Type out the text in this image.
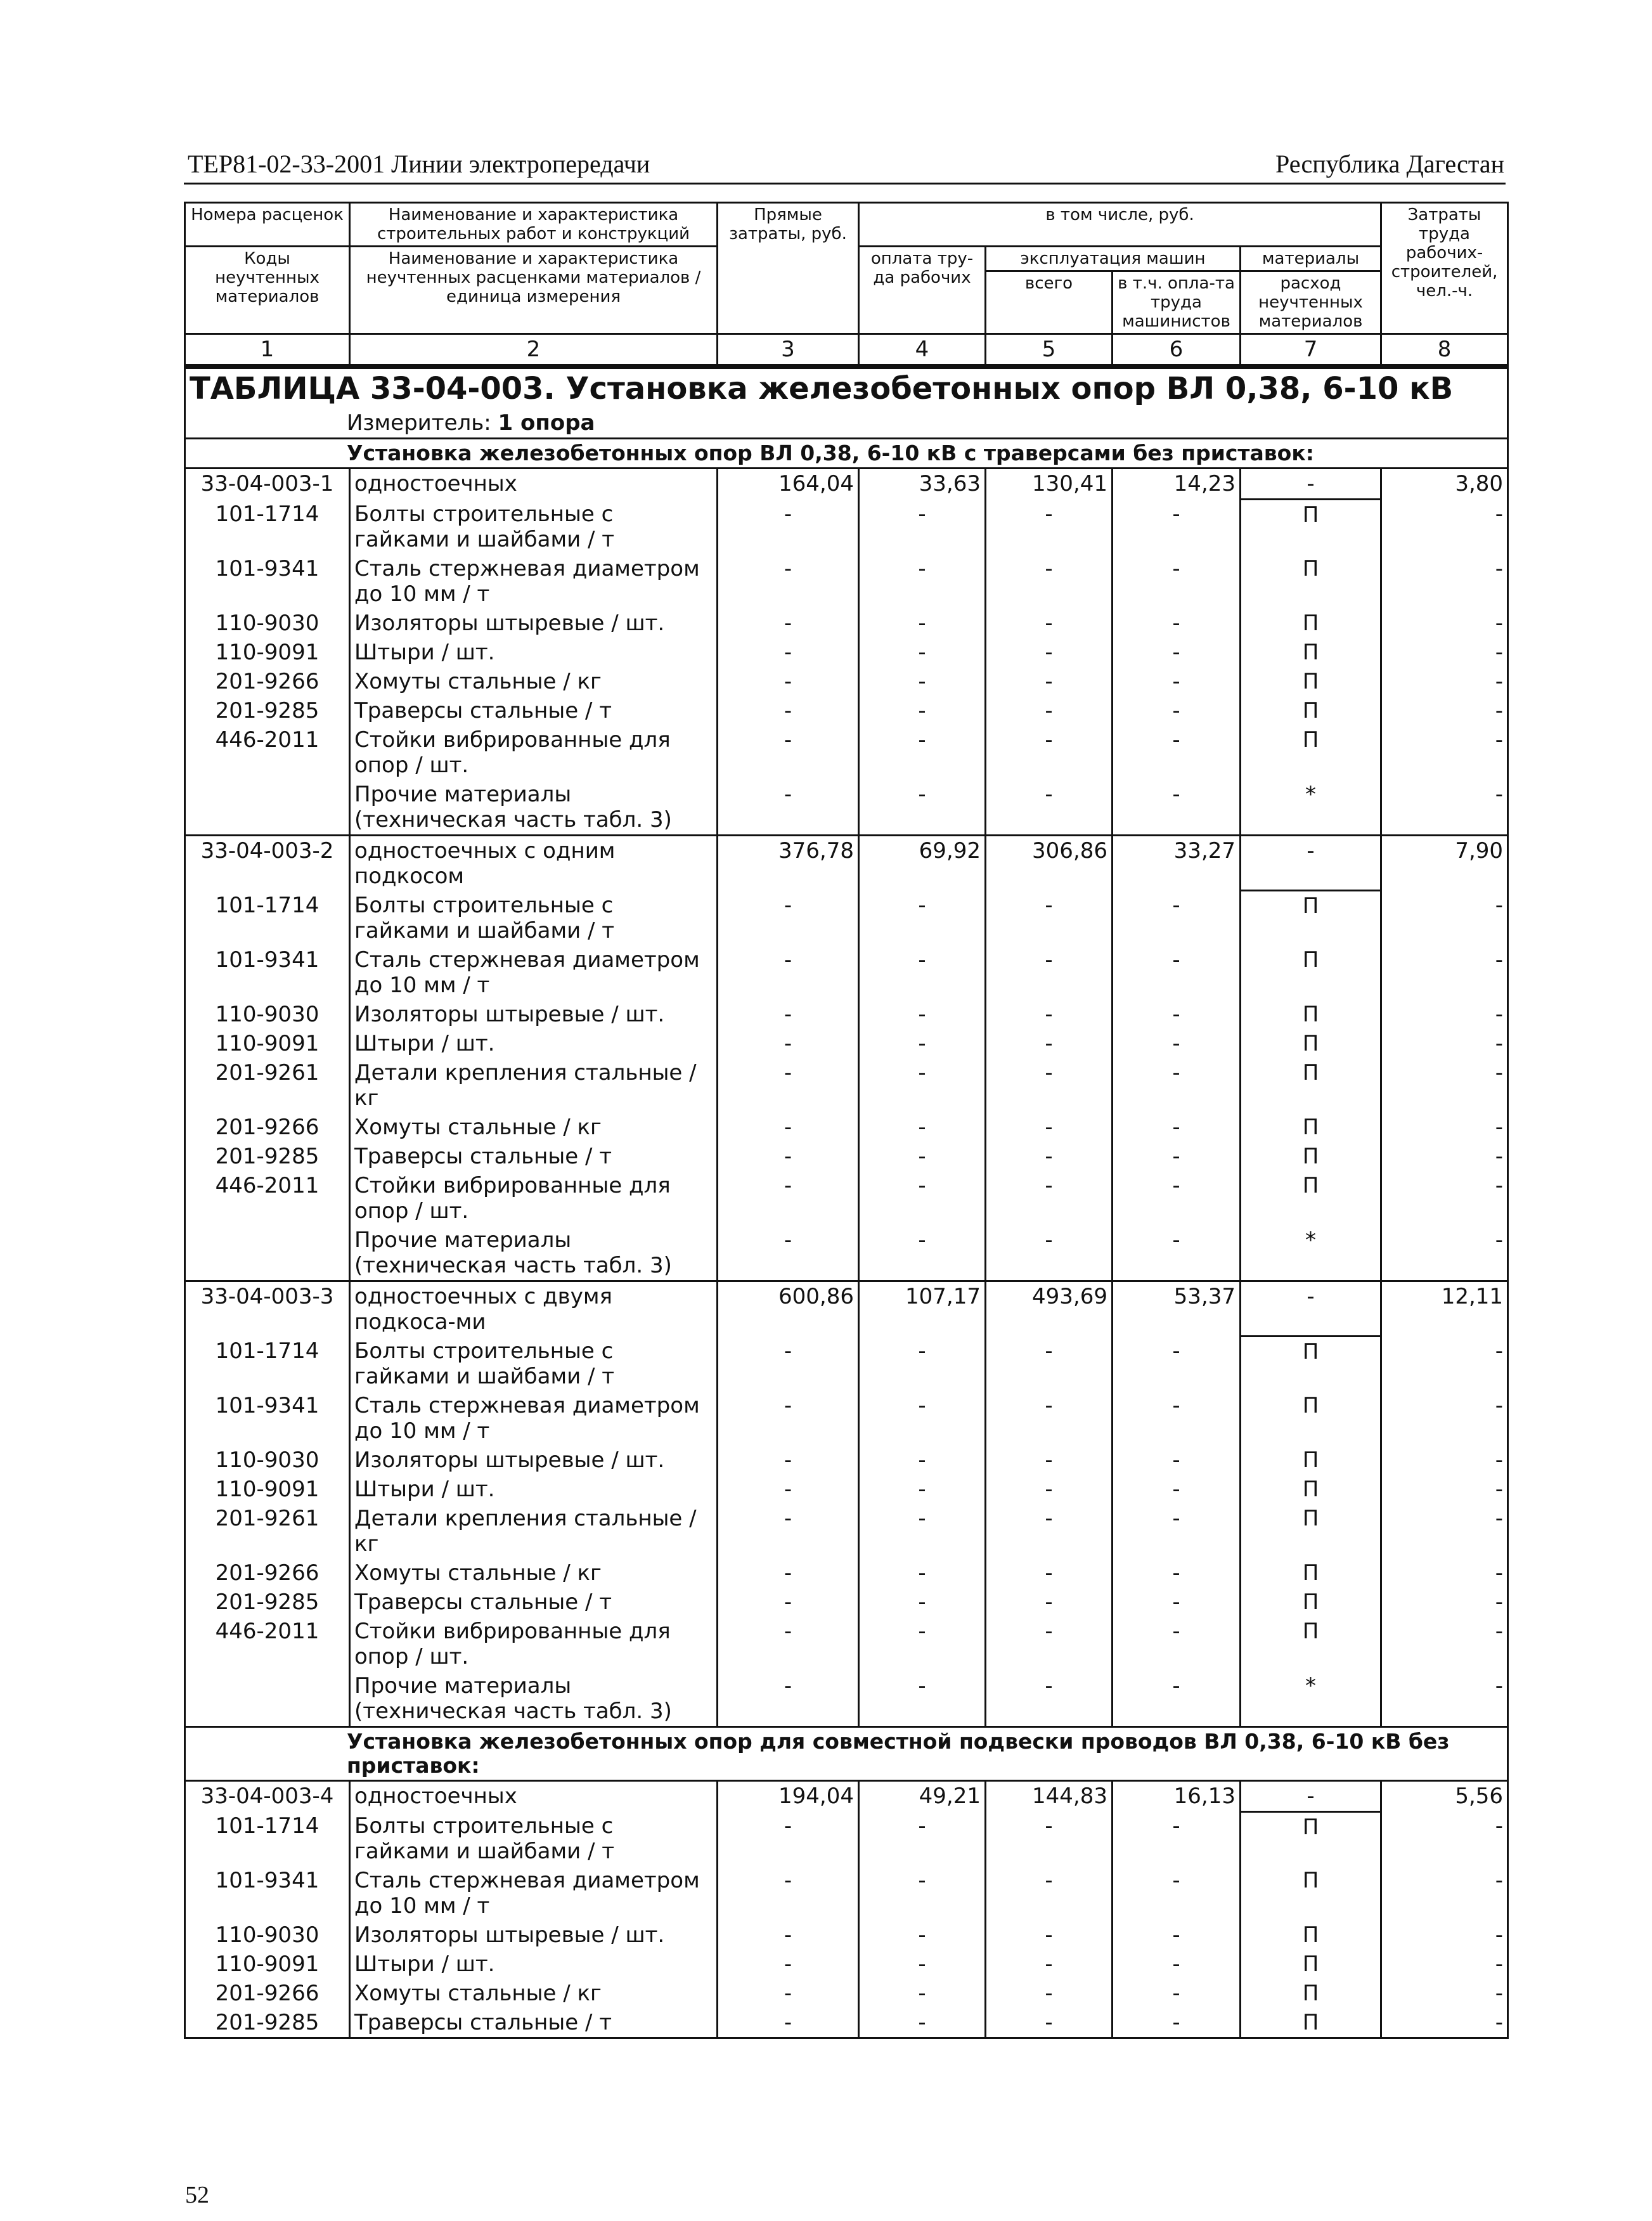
ТЕР81-02-33-2001 Линии электропередачи	Республика Дагестан
Номера расценок	Наименование и характеристика строительных работ и конструкций	Прямые затраты, руб.	в том числе, руб.				Затраты труда рабочих-строителей, чел.-ч.
Коды неучтенных материалов	Наименование и характеристика неучтенных расценками материалов / единица измерения		оплата тру-да рабочих	эксплуатация машин		материалы	
				всего	в т.ч. опла-та труда машинистов	расход неучтенных материалов	
1	2	3	4	5	6	7	8
ТАБЛИЦА 33-04-003. Установка железобетонных опор ВЛ 0,38, 6-10 кВ							

Измеритель: 1 опора							

Установка железобетонных опор ВЛ 0,38, 6-10 кВ с траверсами без приставок:							

33-04-003-1	одностоечных	164,04	33,63	130,41	14,23	-	3,80
101-1714	Болты строительные с гайками и шайбами / т	-	-	-	-	П	-
101-9341	Сталь стержневая диаметром до 10 мм / т	-	-	-	-	П	-
110-9030	Изоляторы штыревые / шт.	-	-	-	-	П	-
110-9091	Штыри / шт.	-	-	-	-	П	-
201-9266	Хомуты стальные / кг	-	-	-	-	П	-
201-9285	Траверсы стальные / т	-	-	-	-	П	-
446-2011	Стойки вибрированные для опор / шт.	-	-	-	-	П	-
	Прочие материалы (техническая часть табл. 3)	-	-	-	-	*	-
33-04-003-2	одностоечных с одним подкосом	376,78	69,92	306,86	33,27	-	7,90
101-1714	Болты строительные с гайками и шайбами / т	-	-	-	-	П	-
101-9341	Сталь стержневая диаметром до 10 мм / т	-	-	-	-	П	-
110-9030	Изоляторы штыревые / шт.	-	-	-	-	П	-
110-9091	Штыри / шт.	-	-	-	-	П	-
201-9261	Детали крепления стальные / кг	-	-	-	-	П	-
201-9266	Хомуты стальные / кг	-	-	-	-	П	-
201-9285	Траверсы стальные / т	-	-	-	-	П	-
446-2011	Стойки вибрированные для опор / шт.	-	-	-	-	П	-
	Прочие материалы (техническая часть табл. 3)	-	-	-	-	*	-
33-04-003-3	одностоечных с двумя подкоса-ми	600,86	107,17	493,69	53,37	-	12,11
101-1714	Болты строительные с гайками и шайбами / т	-	-	-	-	П	-
101-9341	Сталь стержневая диаметром до 10 мм / т	-	-	-	-	П	-
110-9030	Изоляторы штыревые / шт.	-	-	-	-	П	-
110-9091	Штыри / шт.	-	-	-	-	П	-
201-9261	Детали крепления стальные / кг	-	-	-	-	П	-
201-9266	Хомуты стальные / кг	-	-	-	-	П	-
201-9285	Траверсы стальные / т	-	-	-	-	П	-
446-2011	Стойки вибрированные для опор / шт.	-	-	-	-	П	-
	Прочие материалы (техническая часть табл. 3)	-	-	-	-	*	-

Установка железобетонных опор для совместной подвески проводов ВЛ 0,38, 6-10 кВ без приставок:							

33-04-003-4	одностоечных	194,04	49,21	144,83	16,13	-	5,56
101-1714	Болты строительные с гайками и шайбами / т	-	-	-	-	П	-
101-9341	Сталь стержневая диаметром до 10 мм / т	-	-	-	-	П	-
110-9030	Изоляторы штыревые / шт.	-	-	-	-	П	-
110-9091	Штыри / шт.	-	-	-	-	П	-
201-9266	Хомуты стальные / кг	-	-	-	-	П	-
201-9285	Траверсы стальные / т	-	-	-	-	П	-
52
